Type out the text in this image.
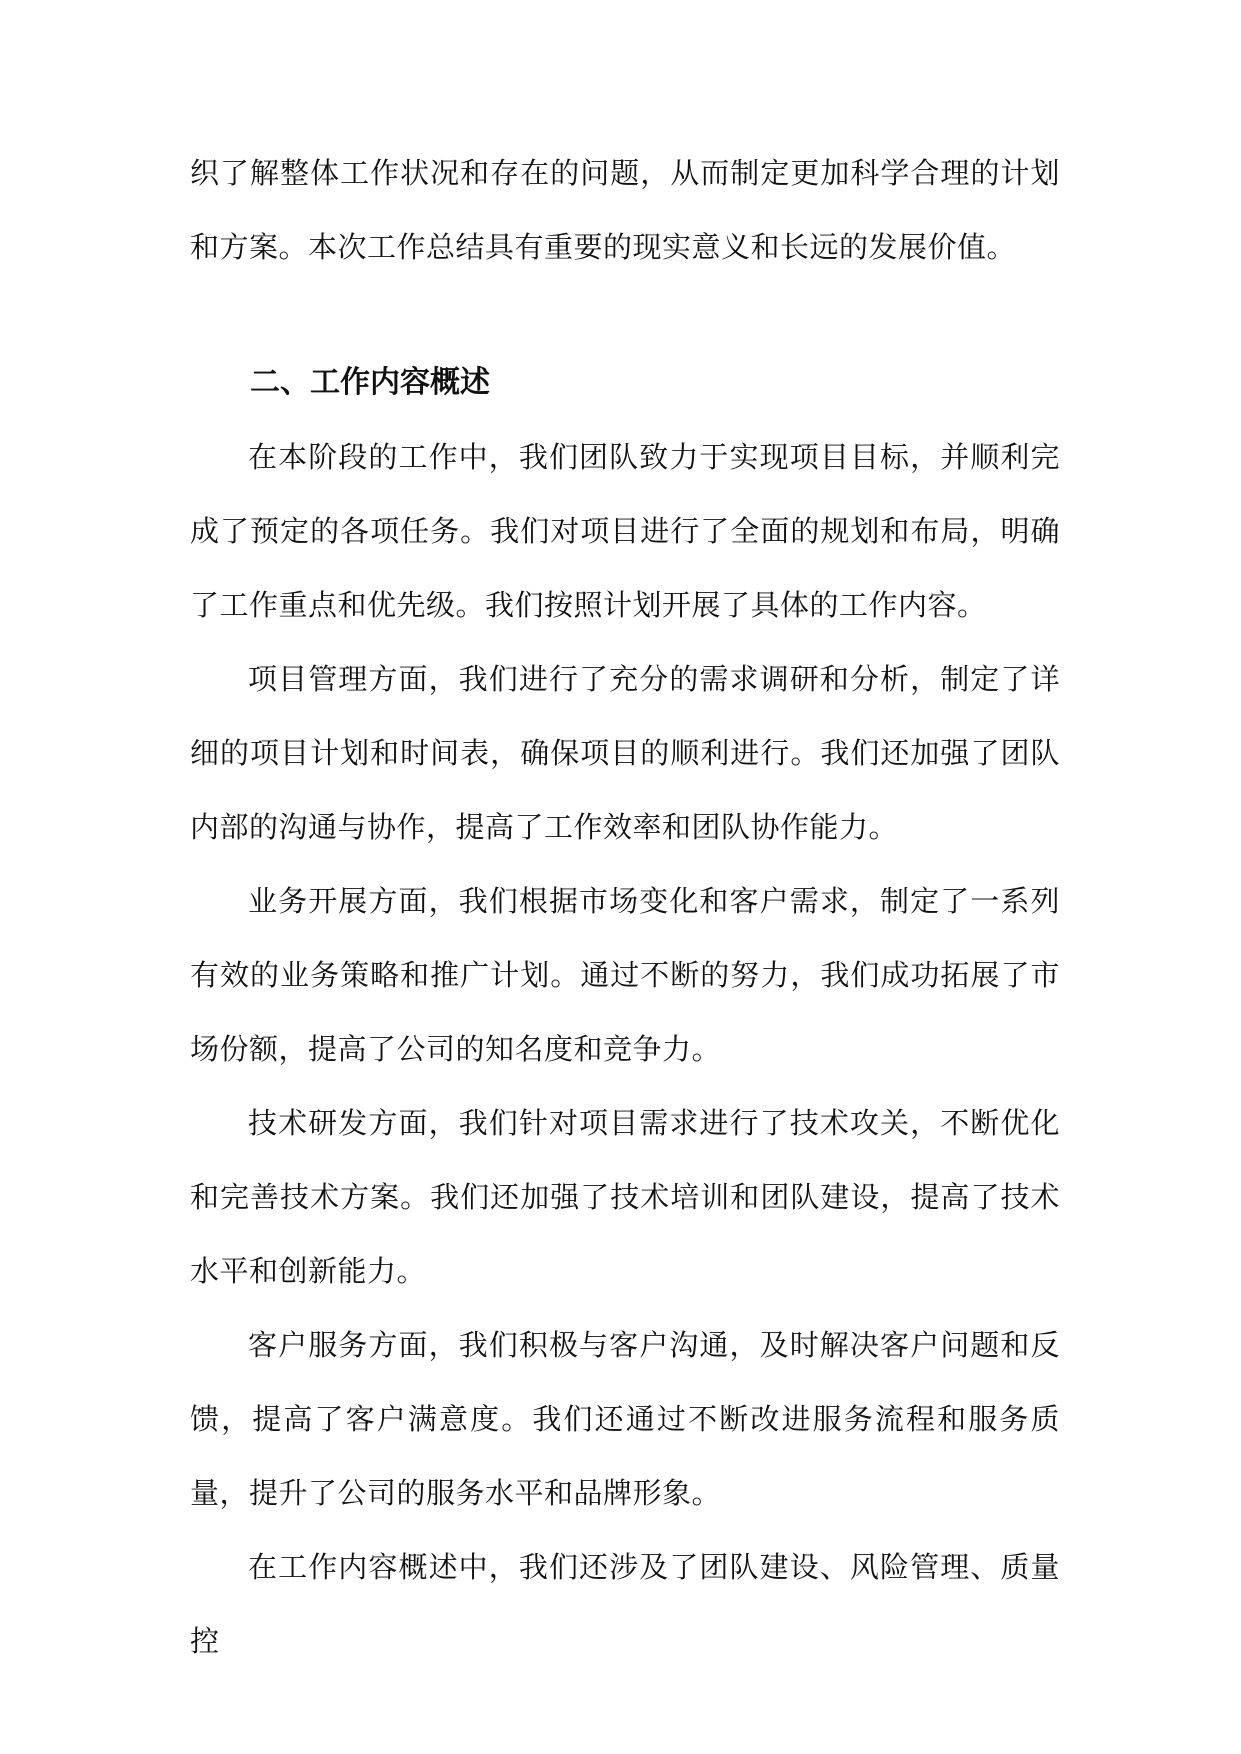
织了解整体工作状况和存在的问题，从而制定更加科学合理的计划和方案。本次工作总结具有重要的现实意义和长远的发展价值。

二、工作内容概述

在本阶段的工作中，我们团队致力于实现项目目标，并顺利完成了预定的各项任务。我们对项目进行了全面的规划和布局，明确了工作重点和优先级。我们按照计划开展了具体的工作内容。

项目管理方面，我们进行了充分的需求调研和分析，制定了详细的项目计划和时间表，确保项目的顺利进行。我们还加强了团队内部的沟通与协作，提高了工作效率和团队协作能力。

业务开展方面，我们根据市场变化和客户需求，制定了一系列有效的业务策略和推广计划。通过不断的努力，我们成功拓展了市场份额，提高了公司的知名度和竞争力。

技术研发方面，我们针对项目需求进行了技术攻关，不断优化和完善技术方案。我们还加强了技术培训和团队建设，提高了技术水平和创新能力。

客户服务方面，我们积极与客户沟通，及时解决客户问题和反馈，提高了客户满意度。我们还通过不断改进服务流程和服务质量，提升了公司的服务水平和品牌形象。

在工作内容概述中，我们还涉及了团队建设、风险管理、质量控
